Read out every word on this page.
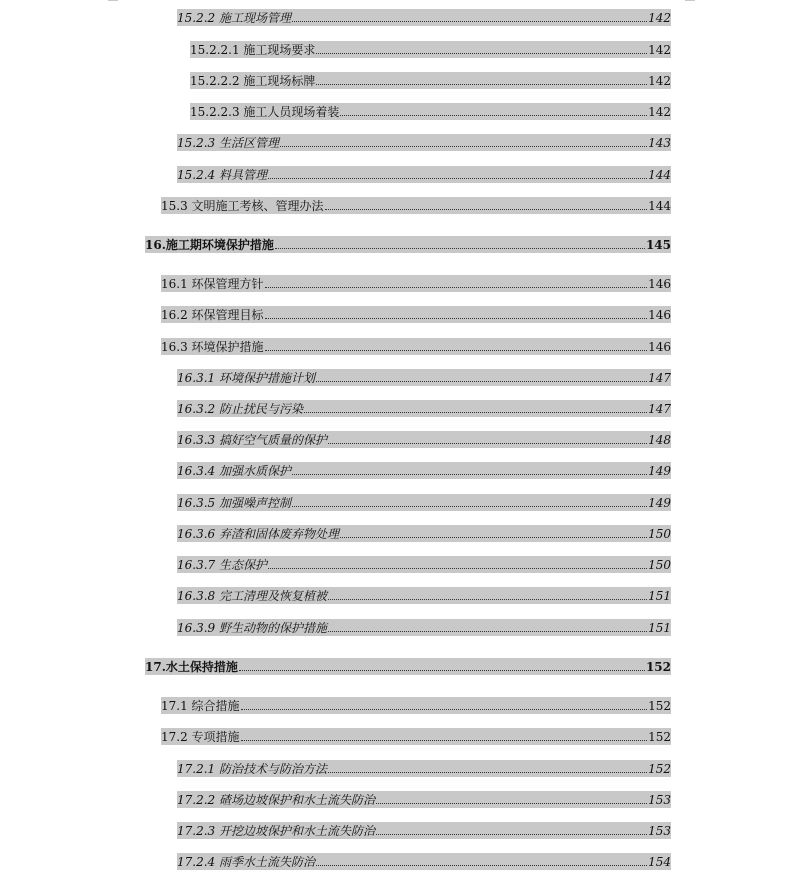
15.2.2 施工现场管理	142
15.2.2.1 施工现场要求	142
15.2.2.2 施工现场标牌	142
15.2.2.3 施工人员现场着装	142
15.2.3 生活区管理	143
15.2.4 料具管理	144
15.3 文明施工考核、管理办法	144
16.施工期环境保护措施	145
16.1 环保管理方针	146
16.2 环保管理目标	146
16.3 环境保护措施	146
16.3.1 环境保护措施计划	147
16.3.2 防止扰民与污染	147
16.3.3 搞好空气质量的保护	148
16.3.4 加强水质保护	149
16.3.5 加强噪声控制	149
16.3.6 弃渣和固体废弃物处理	150
16.3.7 生态保护	150
16.3.8 完工清理及恢复植被	151
16.3.9 野生动物的保护措施	151
17.水土保持措施	152
17.1 综合措施	152
17.2 专项措施	152
17.2.1 防治技术与防治方法	152
17.2.2 碴场边坡保护和水土流失防治	153
17.2.3 开挖边坡保护和水土流失防治	153
17.2.4 雨季水土流失防治	154
